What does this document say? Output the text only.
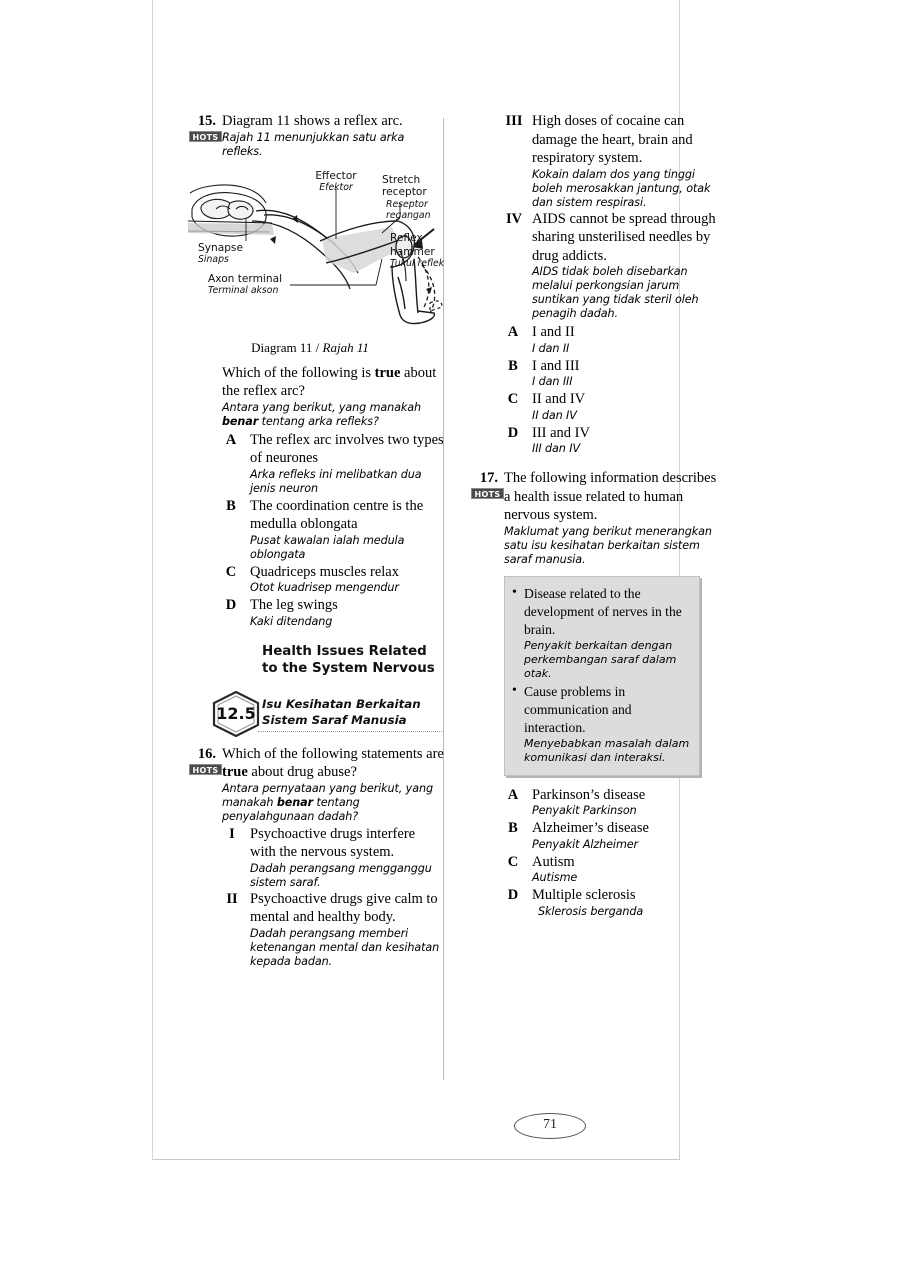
15.
HOTS
Diagram 11 shows a reflex arc.
Rajah 11 menunjukkan satu arka refleks.
Effector
Efektor
Stretch
receptor
Reseptor
regangan
Synapse
Sinaps
Reflex
hammer
Tukul refleks
Axon terminal
Terminal akson
Diagram 11 / Rajah 11
Which of the following is true about the reflex arc?
Antara yang berikut, yang manakah benar tentang arka refleks?
A The reflex arc involves two types of neurones
Arka refleks ini melibatkan dua jenis neuron
B The coordination centre is the medulla oblongata
Pusat kawalan ialah medula oblongata
C Quadriceps muscles relax
Otot kuadrisep mengendur
D The leg swings
Kaki ditendang
12.5
Health Issues Related to the System Nervous
Isu Kesihatan Berkaitan Sistem Saraf Manusia
16.
HOTS
Which of the following statements are true about drug abuse?
Antara pernyataan yang berikut, yang manakah benar tentang penyalahgunaan dadah?
I	Psychoactive drugs interfere with the nervous system.
Dadah perangsang mengganggu sistem saraf.
II Psychoactive drugs give calm to mental and healthy body.
Dadah perangsang memberi ketenangan mental dan kesihatan kepada badan.
III High doses of cocaine can damage the heart, brain and respiratory system.
Kokain dalam dos yang tinggi boleh merosakkan jantung, otak dan sistem respirasi.
IV AIDS cannot be spread through sharing unsterilised needles by drug addicts.
AIDS tidak boleh disebarkan melalui perkongsian jarum suntikan yang tidak steril oleh penagih dadah.
A I and II
I dan II
B I and III
I dan III
C II and IV
II dan IV
D III and IV
III dan IV
17.
HOTS
The following information describes a health issue related to human nervous system.
Maklumat yang berikut menerangkan satu isu kesihatan berkaitan sistem saraf manusia.
• Disease related to the development of nerves in the brain.
Penyakit berkaitan dengan perkembangan saraf dalam otak.
• Cause problems in communication and interaction.
Menyebabkan masalah dalam komunikasi dan interaksi.
A Parkinson’s disease
Penyakit Parkinson
B Alzheimer’s disease
Penyakit Alzheimer
C Autism
Autisme
D Multiple sclerosis
Sklerosis berganda
71
